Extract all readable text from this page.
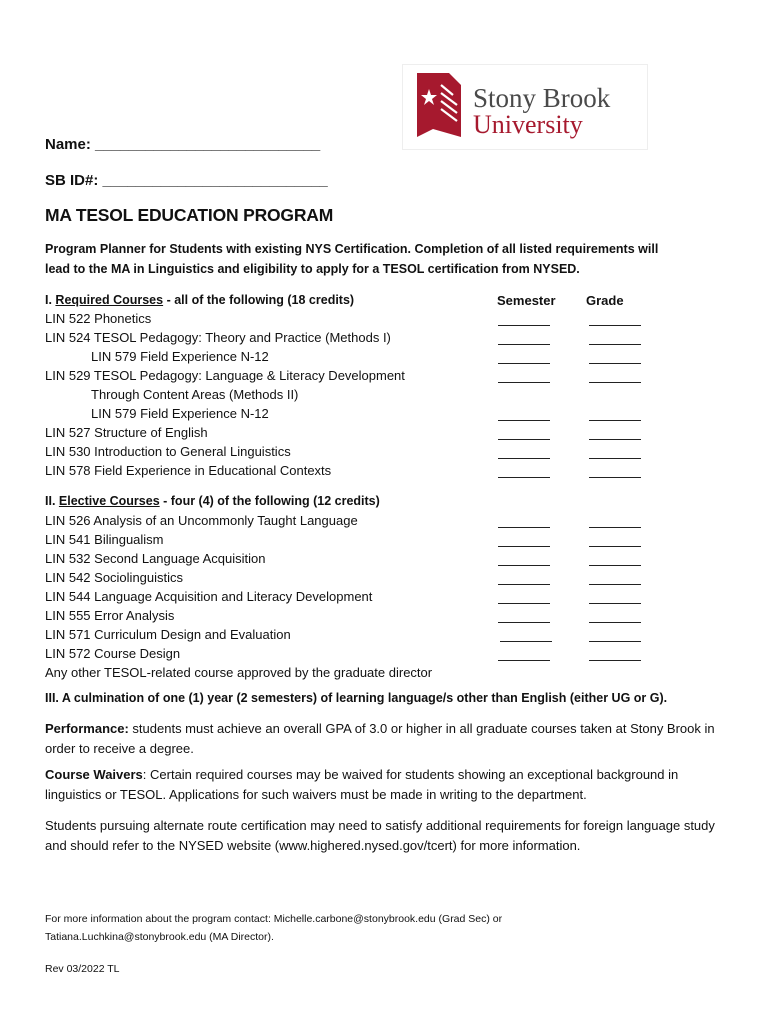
Stony Brook
University
Name: ___________________________
SB ID#: ___________________________
MA TESOL EDUCATION PROGRAM
Program Planner for Students with existing NYS Certification. Completion of all listed requirements will
lead to the MA in Linguistics and eligibility to apply for a TESOL certification from NYSED.
I. Required Courses - all of the following (18 credits)	Semester Grade
LIN 522 Phonetics
LIN 524 TESOL Pedagogy: Theory and Practice (Methods I)
LIN 579 Field Experience N-12
LIN 529 TESOL Pedagogy: Language & Literacy Development
Through Content Areas (Methods II)
LIN 579 Field Experience N-12
LIN 527 Structure of English
LIN 530 Introduction to General Linguistics
LIN 578 Field Experience in Educational Contexts
II. Elective Courses - four (4) of the following (12 credits)
LIN 526 Analysis of an Uncommonly Taught Language
LIN 541 Bilingualism
LIN 532 Second Language Acquisition
LIN 542 Sociolinguistics
LIN 544 Language Acquisition and Literacy Development
LIN 555 Error Analysis
LIN 571 Curriculum Design and Evaluation
LIN 572 Course Design
Any other TESOL-related course approved by the graduate director
III. A culmination of one (1) year (2 semesters) of learning language/s other than English (either UG or G).
Performance: students must achieve an overall GPA of 3.0 or higher in all graduate courses taken at Stony Brook in order to receive a degree.
Course Waivers: Certain required courses may be waived for students showing an exceptional background in linguistics or TESOL. Applications for such waivers must be made in writing to the department.
Students pursuing alternate route certification may need to satisfy additional requirements for foreign language study and should refer to the NYSED website (www.highered.nysed.gov/tcert) for more information.
For more information about the program contact: Michelle.carbone@stonybrook.edu (Grad Sec) or
Tatiana.Luchkina@stonybrook.edu (MA Director).
Rev 03/2022 TL
